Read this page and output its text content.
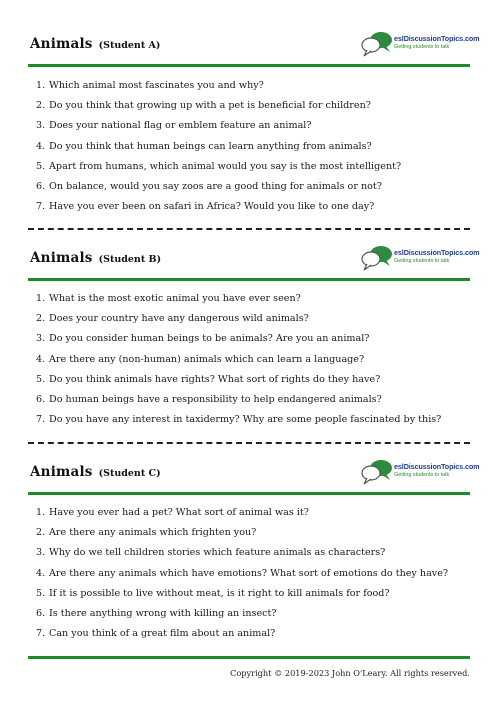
Animals (Student A)
eslDiscussionTopics.com
Getting students to talk
1. Which animal most fascinates you and why?
2. Do you think that growing up with a pet is beneficial for children?
3. Does your national flag or emblem feature an animal?
4. Do you think that human beings can learn anything from animals?
5. Apart from humans, which animal would you say is the most intelligent?
6. On balance, would you say zoos are a good thing for animals or not?
7. Have you ever been on safari in Africa? Would you like to one day?
Animals (Student B)
eslDiscussionTopics.com
Getting students to talk
1. What is the most exotic animal you have ever seen?
2. Does your country have any dangerous wild animals?
3. Do you consider human beings to be animals? Are you an animal?
4. Are there any (non-human) animals which can learn a language?
5. Do you think animals have rights? What sort of rights do they have?
6. Do human beings have a responsibility to help endangered animals?
7. Do you have any interest in taxidermy? Why are some people fascinated by this?
Animals (Student C)
eslDiscussionTopics.com
Getting students to talk
1. Have you ever had a pet? What sort of animal was it?
2. Are there any animals which frighten you?
3. Why do we tell children stories which feature animals as characters?
4. Are there any animals which have emotions? What sort of emotions do they have?
5. If it is possible to live without meat, is it right to kill animals for food?
6. Is there anything wrong with killing an insect?
7. Can you think of a great film about an animal?
Copyright © 2019-2023 John O'Leary. All rights reserved.
